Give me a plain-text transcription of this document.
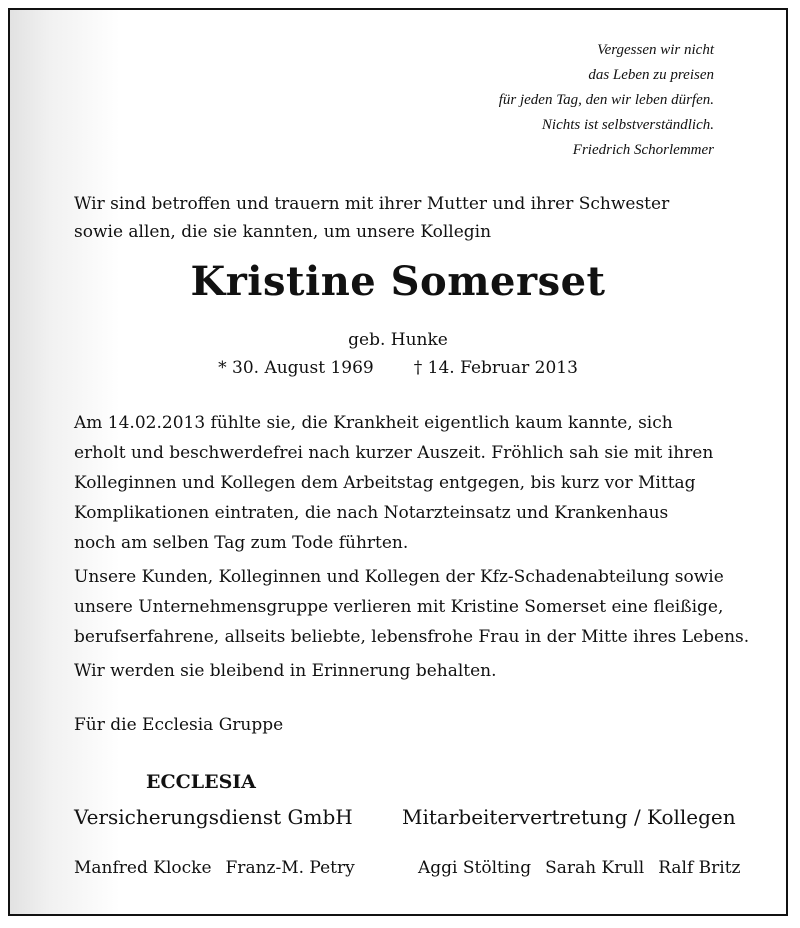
Vergessen wir nicht
das Leben zu preisen
für jeden Tag, den wir leben dürfen.
Nichts ist selbstverständlich.
Friedrich Schorlemmer
Wir sind betroffen und trauern mit ihrer Mutter und ihrer Schwester
sowie allen, die sie kannten, um unsere Kollegin
Kristine Somerset
geb. Hunke
* 30. August 1969 † 14. Februar 2013
Am 14.02.2013 fühlte sie, die Krankheit eigentlich kaum kannte, sich
erholt und beschwerdefrei nach kurzer Auszeit. Fröhlich sah sie mit ihren
Kolleginnen und Kollegen dem Arbeitstag entgegen, bis kurz vor Mittag
Komplikationen eintraten, die nach Notarzteinsatz und Krankenhaus
noch am selben Tag zum Tode führten.
Unsere Kunden, Kolleginnen und Kollegen der Kfz-Schadenabteilung sowie
unsere Unternehmensgruppe verlieren mit Kristine Somerset eine fleißige,
berufserfahrene, allseits beliebte, lebensfrohe Frau in der Mitte ihres Lebens.
Wir werden sie bleibend in Erinnerung behalten.
Für die Ecclesia Gruppe
ECCLESIA
Versicherungsdienst GmbH Mitarbeitervertretung / Kollegen
Manfred Klocke Franz-M. Petry	Aggi Stölting Sarah Krull Ralf Britz
